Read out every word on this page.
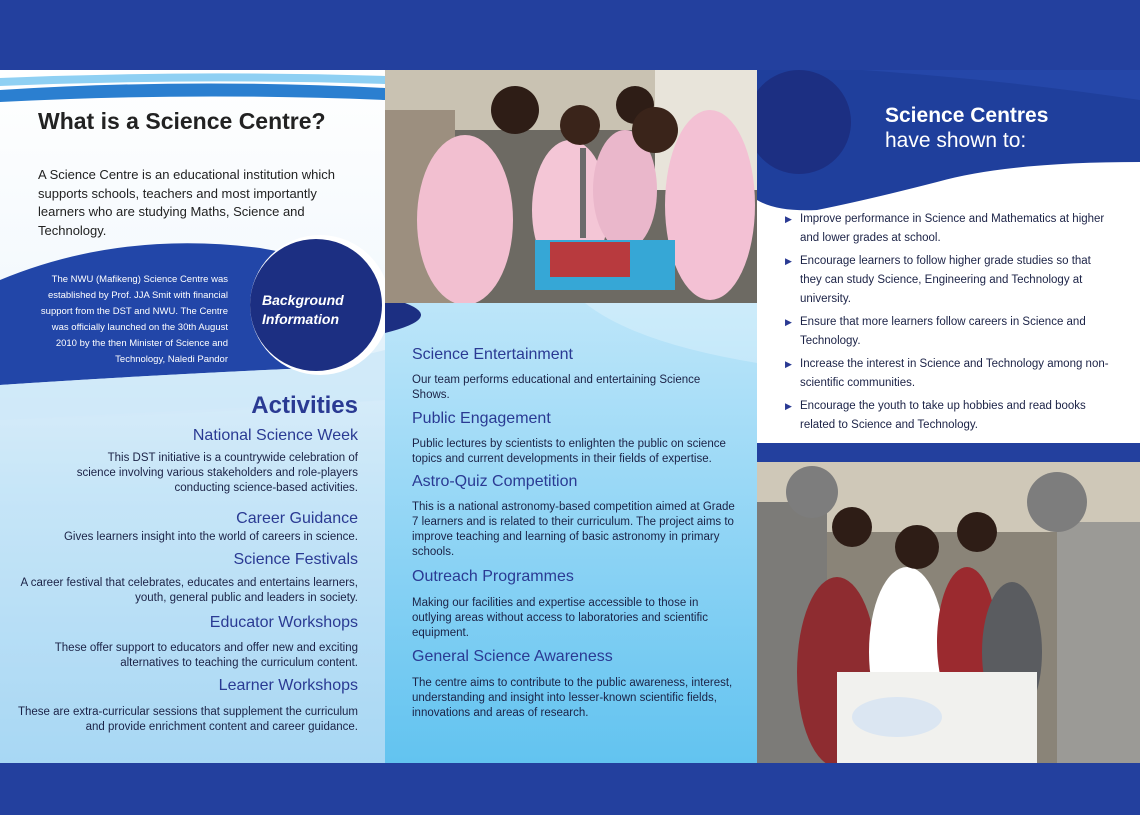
What is a Science Centre?
A Science Centre is an educational institution which supports schools, teachers and most importantly learners who are studying Maths, Science and Technology.
Background
Information
The NWU (Mafikeng) Science Centre was
established by Prof. JJA Smit with financial
support from the DST and NWU. The Centre
was officially launched on the 30th August
2010 by the then Minister of Science and
Technology, Naledi Pandor
Activities
National Science Week
This DST initiative is a countrywide celebration of
science involving various stakeholders and role-players
conducting science-based activities.
Career Guidance
Gives learners insight into the world of careers in science.
Science Festivals
A career festival that celebrates, educates and entertains learners,
youth, general public and leaders in society.
Educator Workshops
These offer support to educators and offer new and exciting
alternatives to teaching the curriculum content.
Learner Workshops
These are extra-curricular sessions that supplement the curriculum
and provide enrichment content and career guidance.
Science Entertainment
Our team performs educational and entertaining Science
Shows.
Public Engagement
Public lectures by scientists to enlighten the public on science
topics and current developments in their fields of expertise.
Astro-Quiz Competition
This is a national astronomy-based competition aimed at Grade
7 learners and is related to their curriculum. The project aims to
improve teaching and learning of basic astronomy in primary
schools.
Outreach Programmes
Making our facilities and expertise accessible to those in
outlying areas without access to laboratories and scientific
equipment.
General Science Awareness
The centre aims to contribute to the public awareness, interest,
understanding and insight into lesser-known scientific fields,
innovations and areas of research.
Science Centres
have shown to:
▶ Improve performance in Science and Mathematics at higher
and lower grades at school.
▶ Encourage learners to follow higher grade studies so that
they can study Science, Engineering and Technology at
university.
▶ Ensure that more learners follow careers in Science and
Technology.
▶ Increase the interest in Science and Technology among non-
scientific communities.
▶ Encourage the youth to take up hobbies and read books
related to Science and Technology.
